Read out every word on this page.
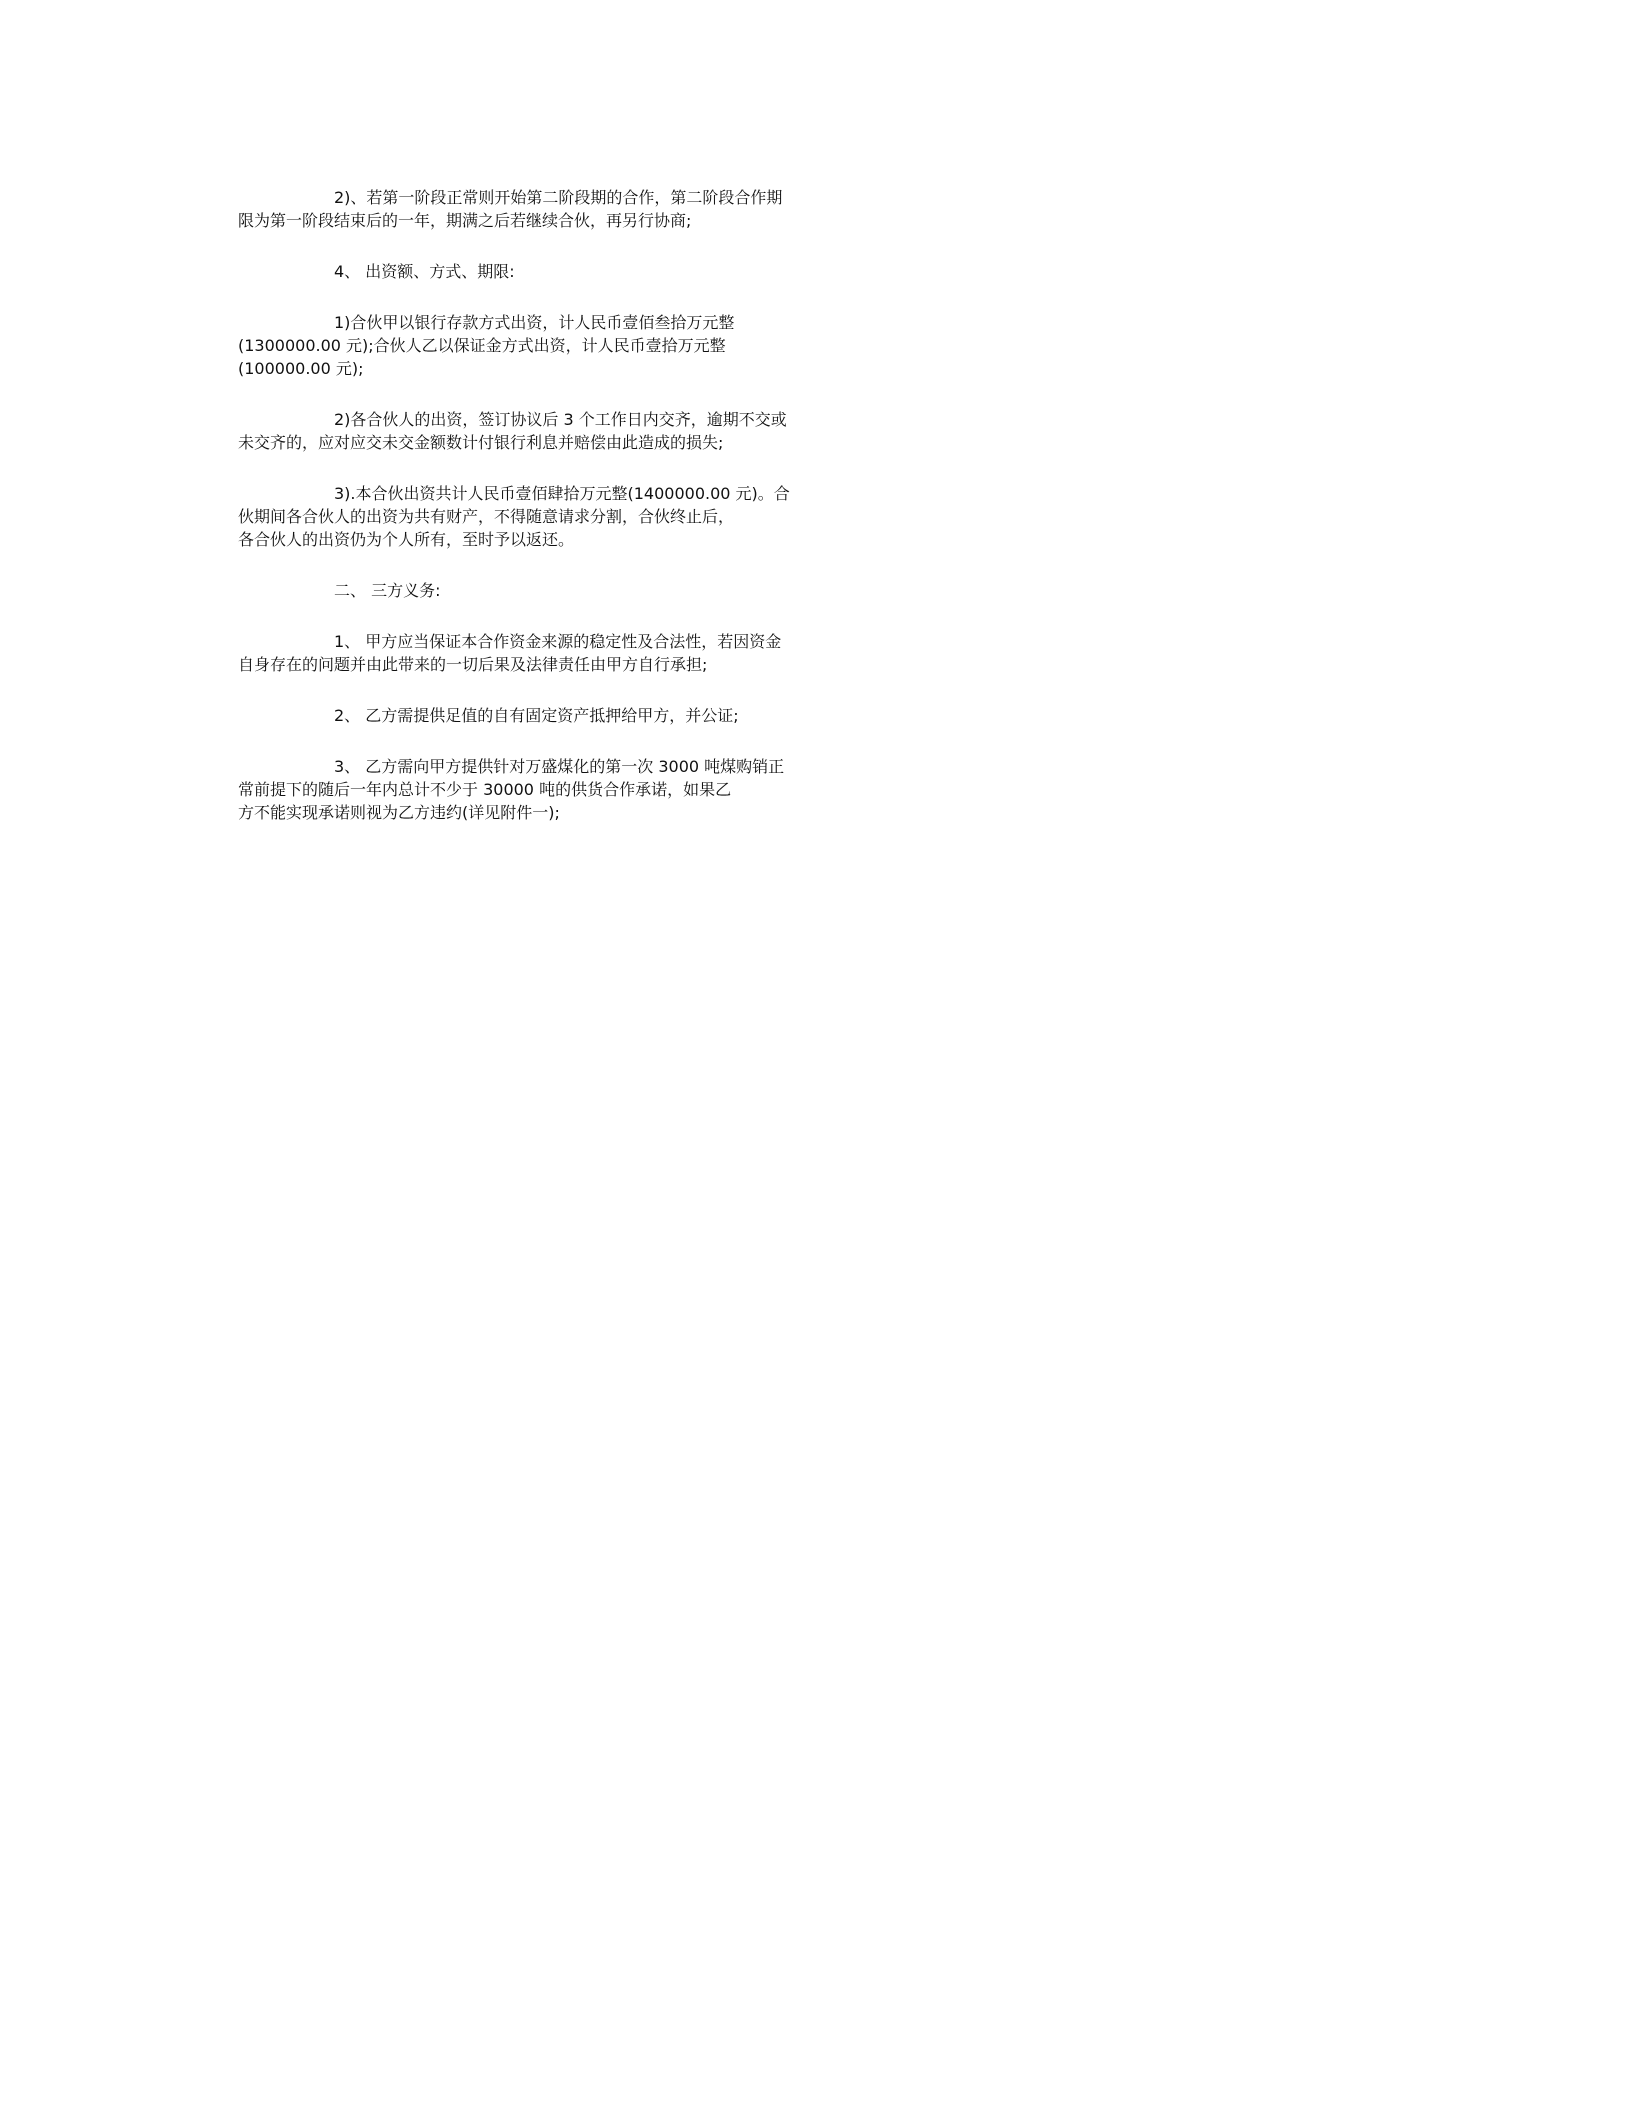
2)、若第一阶段正常则开始第二阶段期的合作，第二阶段合作期
限为第一阶段结束后的一年，期满之后若继续合伙，再另行协商;
4、 出资额、方式、期限:
1)合伙甲以银行存款方式出资，计人民币壹佰叁拾万元整
(1300000.00 元);合伙人乙以保证金方式出资，计人民币壹拾万元整
(100000.00 元);
2)各合伙人的出资，签订协议后 3 个工作日内交齐，逾期不交或
未交齐的，应对应交未交金额数计付银行利息并赔偿由此造成的损失;
3).本合伙出资共计人民币壹佰肆拾万元整(1400000.00 元)。合
伙期间各合伙人的出资为共有财产，不得随意请求分割，合伙终止后，
各合伙人的出资仍为个人所有，至时予以返还。
二、 三方义务:
1、 甲方应当保证本合作资金来源的稳定性及合法性，若因资金
自身存在的问题并由此带来的一切后果及法律责任由甲方自行承担;
2、 乙方需提供足值的自有固定资产抵押给甲方，并公证;
3、 乙方需向甲方提供针对万盛煤化的第一次 3000 吨煤购销正
常前提下的随后一年内总计不少于 30000 吨的供货合作承诺，如果乙
方不能实现承诺则视为乙方违约(详见附件一);
